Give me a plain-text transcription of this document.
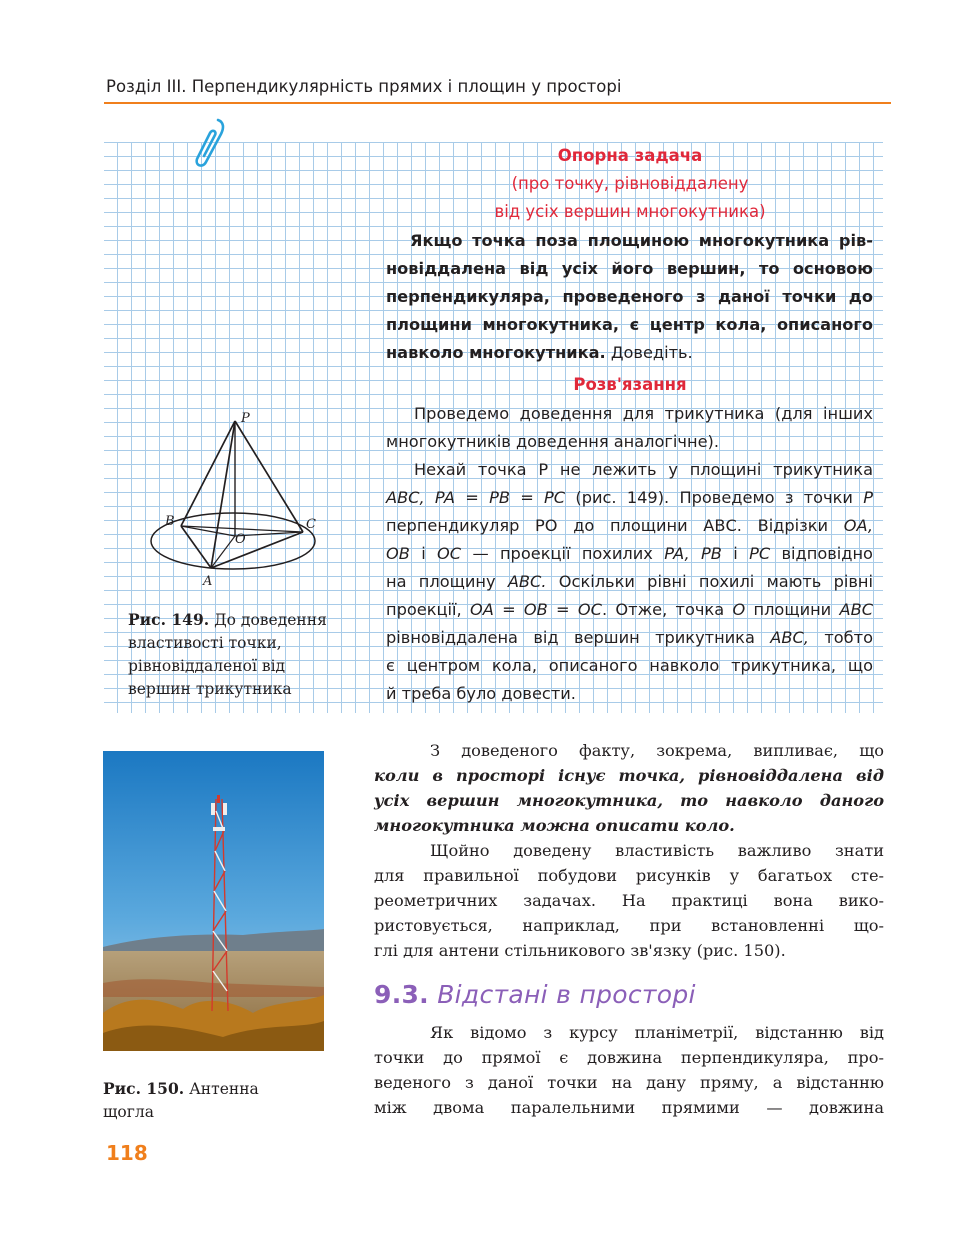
Розділ III. Перпендикулярність прямих і площин у просторі
Опорна задача
(про точку, рівновіддалену
від усіх вершин многокутника)
Якщо точка поза площиною многокутника рів-
новіддалена від усіх його вершин, то основою
перпендикуляра, проведеного з даної точки до
площини многокутника, є центр кола, описаного
навколо многокутника. Доведіть.
Розв'язання
Проведемо доведення для трикутника (для інших
многокутників доведення аналогічне).
Нехай точка Р не лежить у площині трикутника
ABC, PA = PB = PC (рис. 149). Проведемо з точки P
перпендикуляр РО до площини АВС. Відрізки OA,
OB і OC — проекції похилих PA, PB і PC відповідно
на площину ABC. Оскільки рівні похилі мають рівні
проекції, OA = OB = OC. Отже, точка O площини ABC
рівновіддалена від вершин трикутника ABC, тобто
є центром кола, описаного навколо трикутника, що
й треба було довести.
P
B	C
O
A
Рис. 149. До доведення
властивості точки,
рівновіддаленої від
вершин трикутника
Рис. 150. Антенна
щогла
З доведеного факту, зокрема, випливає, що
коли в просторі існує точка, рівновіддалена від
усіх вершин многокутника, то навколо даного
многокутника можна описати коло.
Щойно доведену властивість важливо знати
для правильної побудови рисунків у багатьох сте-
реометричних задачах. На практиці вона вико-
ристовується, наприклад, при встановленні що-
глі для антени стільникового зв'язку (рис. 150).
9.3. Відстані в просторі
Як відомо з курсу планіметрії, відстанню від
точки до прямої є довжина перпендикуляра, про-
веденого з даної точки на дану пряму, а відстанню
між двома паралельними прямими — довжина
118
